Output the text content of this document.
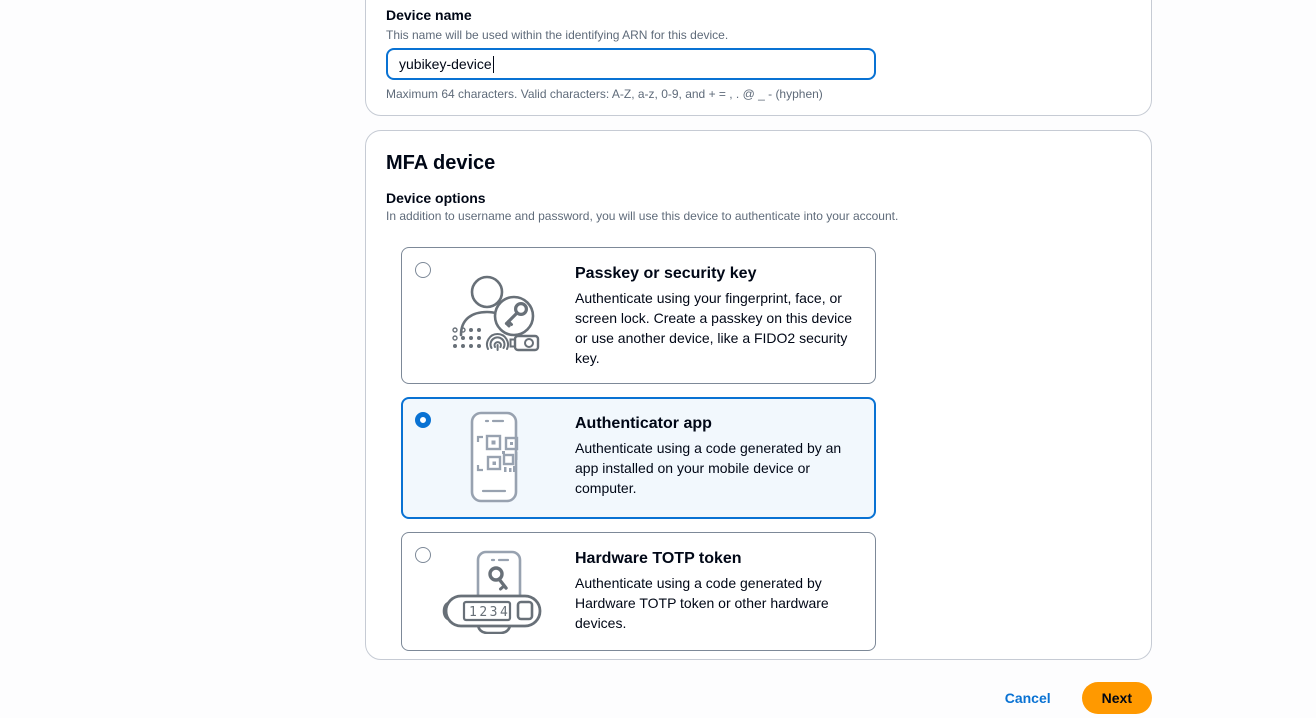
Device name
This name will be used within the identifying ARN for this device.
yubikey-device
Maximum 64 characters. Valid characters: A-Z, a-z, 0-9, and + = , . @ _ - (hyphen)
MFA device
Device options
In addition to username and password, you will use this device to authenticate into your account.
Passkey or security key
Authenticate using your fingerprint, face, or screen lock. Create a passkey on this device or use another device, like a FIDO2 security key.
Authenticator app
Authenticate using a code generated by an app installed on your mobile device or computer.
1234
Hardware TOTP token
Authenticate using a code generated by Hardware TOTP token or other hardware devices.
Cancel	Next
